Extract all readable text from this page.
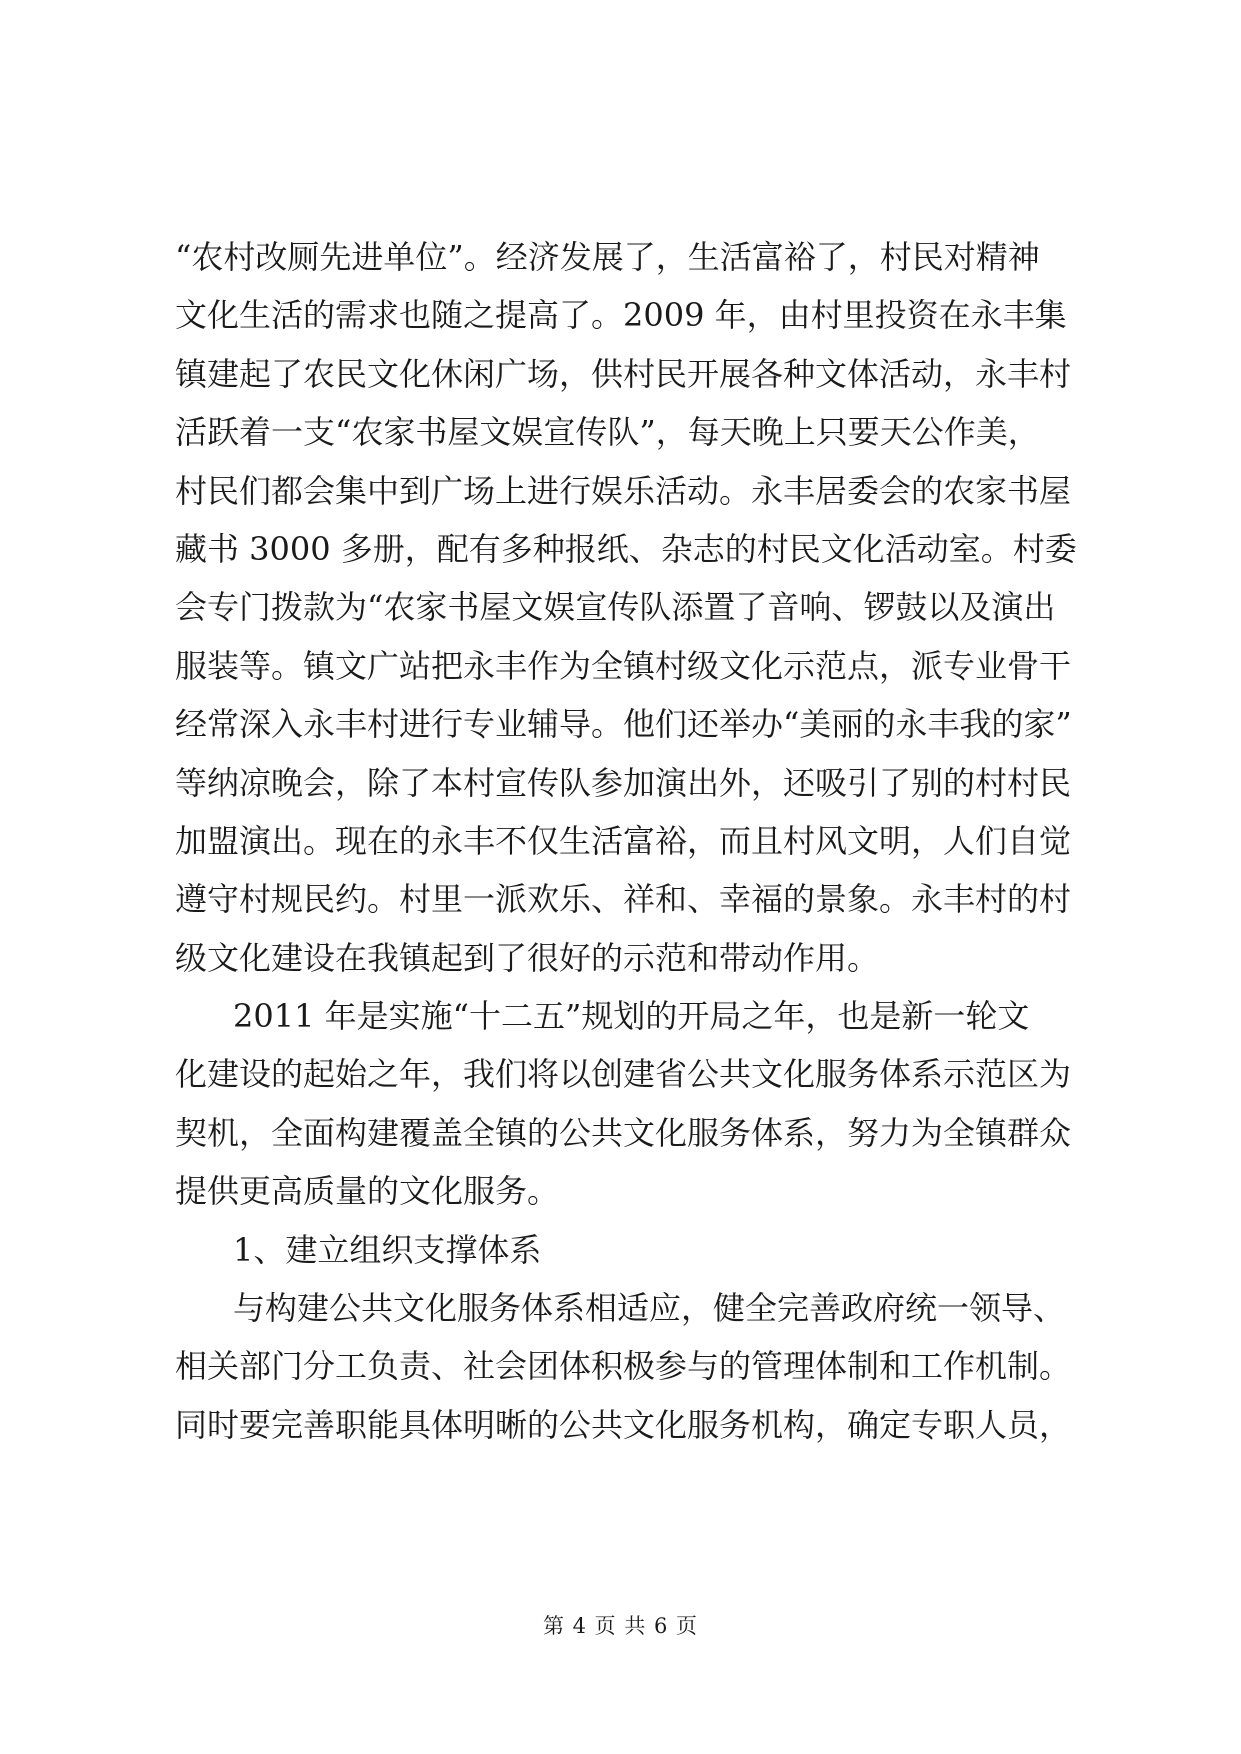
“农村改厕先进单位”。经济发展了，生活富裕了，村民对精神
文化生活的需求也随之提高了。2009 年，由村里投资在永丰集
镇建起了农民文化休闲广场，供村民开展各种文体活动，永丰村
活跃着一支“农家书屋文娱宣传队”，每天晚上只要天公作美，
村民们都会集中到广场上进行娱乐活动。永丰居委会的农家书屋
藏书 3000 多册，配有多种报纸、杂志的村民文化活动室。村委
会专门拨款为“农家书屋文娱宣传队添置了音响、锣鼓以及演出
服装等。镇文广站把永丰作为全镇村级文化示范点，派专业骨干
经常深入永丰村进行专业辅导。他们还举办“美丽的永丰我的家”
等纳凉晚会，除了本村宣传队参加演出外，还吸引了别的村村民
加盟演出。现在的永丰不仅生活富裕，而且村风文明，人们自觉
遵守村规民约。村里一派欢乐、祥和、幸福的景象。永丰村的村
级文化建设在我镇起到了很好的示范和带动作用。
2011 年是实施“十二五”规划的开局之年，也是新一轮文
化建设的起始之年，我们将以创建省公共文化服务体系示范区为
契机，全面构建覆盖全镇的公共文化服务体系，努力为全镇群众
提供更高质量的文化服务。
1、建立组织支撑体系
与构建公共文化服务体系相适应，健全完善政府统一领导、
相关部门分工负责、社会团体积极参与的管理体制和工作机制。
同时要完善职能具体明晰的公共文化服务机构，确定专职人员，
第 4 页 共 6 页
